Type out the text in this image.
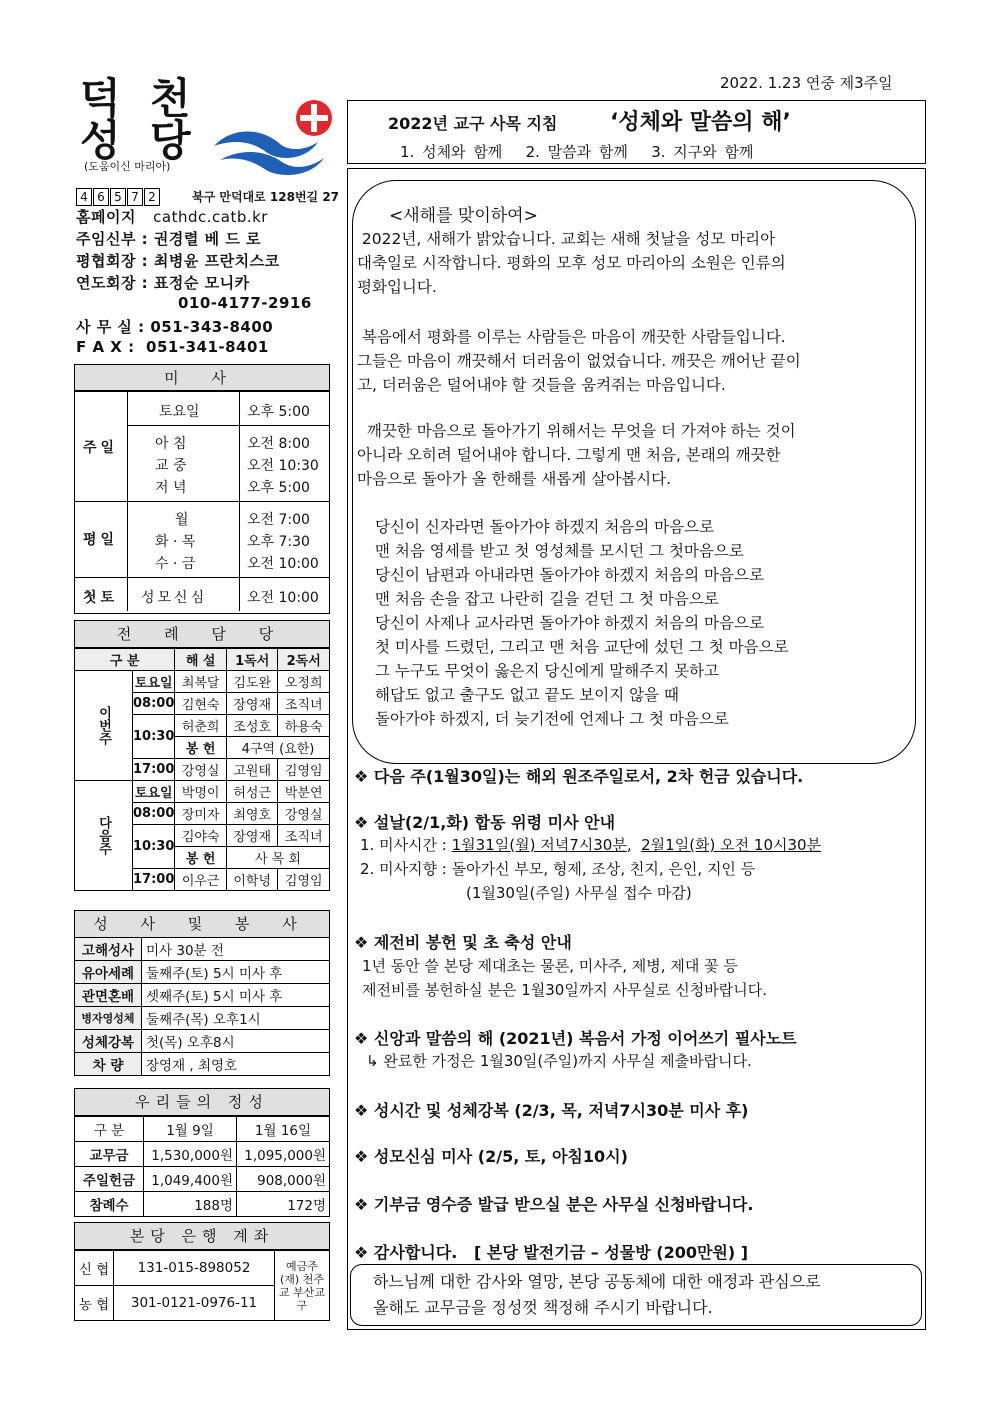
2022. 1.23 연중 제3주일
덕 천
성 당
(도움이신 마리아)
4 6 5 7 2	북구 만덕대로 128번길 27
홈페이지 cathdc.catb.kr
주임신부 : 권경렬 베 드 로
평협회장 : 최병윤 프란치스코
연도회장 : 표정순 모니카
010-4177-2916
사 무 실 : 051-343-8400
F A X : 051-341-8401
미 사
주일
토요일	오후 5:00
아 침	오전 8:00
교 중	오전 10:30
저 녁	오후 5:00
평일
월	오전 7:00
화 · 목	오후 7:30
수 · 금	오전 10:00
첫토 성모신심	오전 10:00
전 례 담 당
구 분		해 설	1독서	2독서
이번주	토요일	최복달	김도완	오정희
	08:00	김현숙	장영재	조직녀
	10:30	허춘희	조성호	하용숙
		봉 헌	4구역 (요한)	
	17:00	강영실	고원태	김영임
다음주	토요일	박명이	허성근	박분연
	08:00	장미자	최영호	강영실
	10:30	김야숙	장영재	조직녀
		봉 헌	사 목 회	
	17:00	이우근	이학녕	김영임
성 사 및 봉 사
고해성사	미사 30분 전
유아세례	둘째주(토) 5시 미사 후
관면혼배	셋째주(토) 5시 미사 후
병자영성체	둘째주(목) 오후1시
성체강복	첫(목) 오후8시
차 량	장영재 , 최영호
우리들의 정성
구 분	1월 9일	1월 16일
교무금	1,530,000원	1,095,000원
주일헌금	1,049,400원	908,000원
참례수	188명	172명
본당 은행 계좌
신 협	131-015-898052	예금주 (재) 천주교 부산교구
농 협	301-0121-0976-11	
2022년 교구 사목 지침 ‘성체와 말씀의 해’
1. 성체와 함께   2. 말씀과 함께   3. 지구와 함께
<새해를 맞이하여>
2022년, 새해가 밝았습니다. 교회는 새해 첫날을 성모 마리아
대축일로 시작합니다. 평화의 모후 성모 마리아의 소원은 인류의
평화입니다.
복음에서 평화를 이루는 사람들은 마음이 깨끗한 사람들입니다.
그들은 마음이 깨끗해서 더러움이 없었습니다. 깨끗은 깨어난 끝이
고, 더러움은 덜어내야 할 것들을 움켜쥐는 마음입니다.
깨끗한 마음으로 돌아가기 위해서는 무엇을 더 가져야 하는 것이
아니라 오히려 덜어내야 합니다. 그렇게 맨 처음, 본래의 깨끗한
마음으로 돌아가 올 한해를 새롭게 살아봅시다.
당신이 신자라면 돌아가야 하겠지 처음의 마음으로
맨 처음 영세를 받고 첫 영성체를 모시던 그 첫마음으로
당신이 남편과 아내라면 돌아가야 하겠지 처음의 마음으로
맨 처음 손을 잡고 나란히 길을 걷던 그 첫 마음으로
당신이 사제나 교사라면 돌아가야 하겠지 처음의 마음으로
첫 미사를 드렸던, 그리고 맨 처음 교단에 섰던 그 첫 마음으로
그 누구도 무엇이 옳은지 당신에게 말해주지 못하고
해답도 없고 출구도 없고 끝도 보이지 않을 때
돌아가야 하겠지, 더 늦기전에 언제나 그 첫 마음으로
❖ 다음 주(1월30일)는 해외 원조주일로서, 2차 헌금 있습니다.
❖ 설날(2/1,화) 합동 위령 미사 안내
1. 미사시간 : 1월31일(월) 저녁7시30분,  2월1일(화) 오전 10시30분
2. 미사지향 : 돌아가신 부모, 형제, 조상, 친지, 은인, 지인 등
(1월30일(주일) 사무실 접수 마감)
❖ 제전비 봉헌 및 초 축성 안내
1년 동안 쓸 본당 제대초는 물론, 미사주, 제병, 제대 꽃 등
제전비를 봉헌하실 분은 1월30일까지 사무실로 신청바랍니다.
❖ 신앙과 말씀의 해 (2021년) 복음서 가정 이어쓰기 필사노트
↳ 완료한 가정은 1월30일(주일)까지 사무실 제출바랍니다.
❖ 성시간 및 성체강복 (2/3, 목, 저녁7시30분 미사 후)
❖ 성모신심 미사 (2/5, 토, 아침10시)
❖ 기부금 영수증 발급 받으실 분은 사무실 신청바랍니다.
❖ 감사합니다.   [ 본당 발전기금 – 성물방 (200만원) ]
하느님께 대한 감사와 열망, 본당 공동체에 대한 애정과 관심으로
올해도 교무금을 정성껏 책정해 주시기 바랍니다.
